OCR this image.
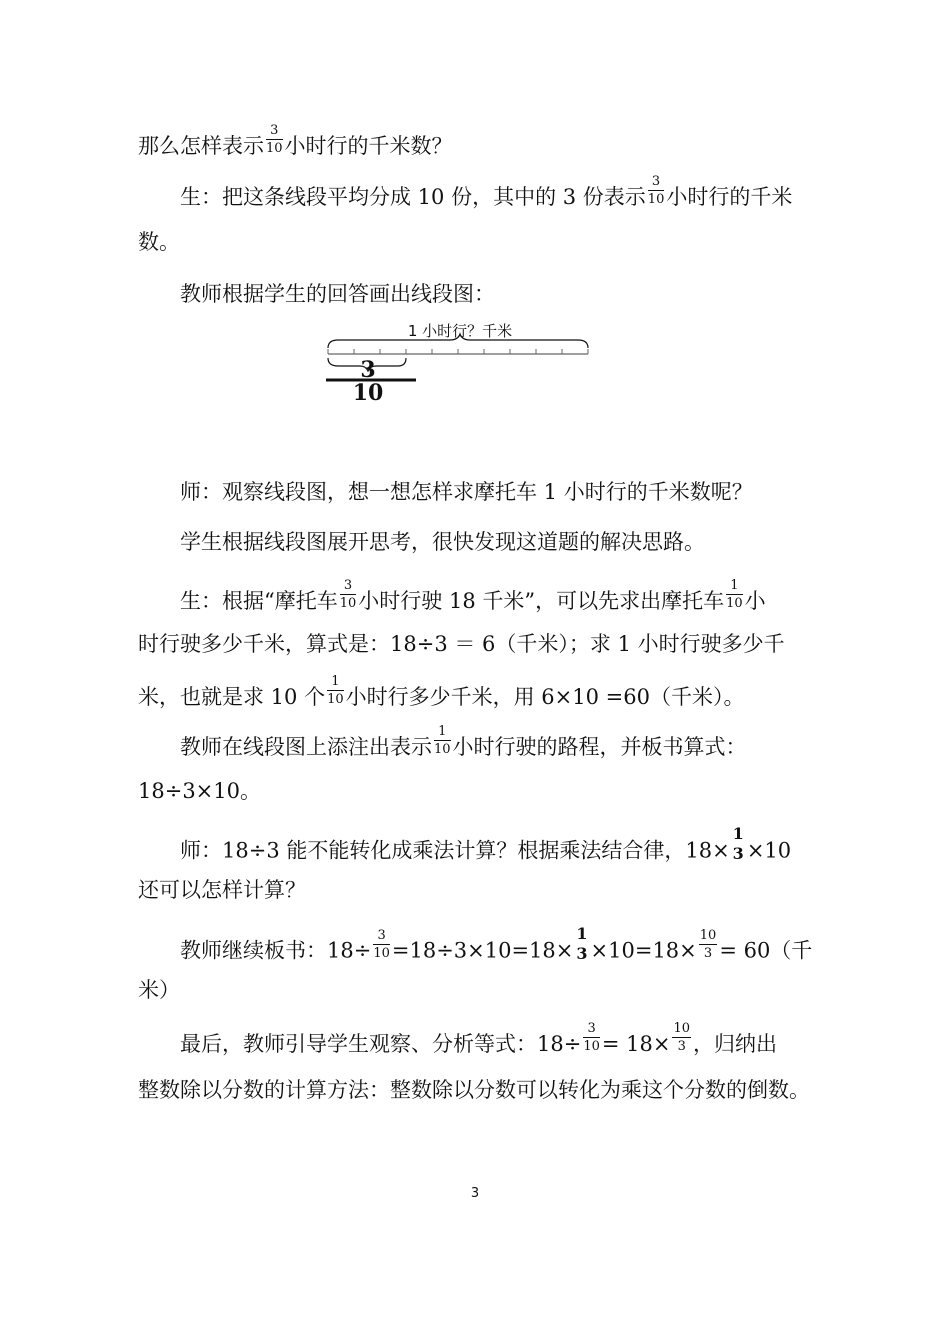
那么怎样表示 $\frac{3}{10}$ 小时行的千米数？
生：把这条线段平均分成 10 份，其中的 3 份表示 $\frac{3}{10}$ 小时行的千米
数。
教师根据学生的回答画出线段图：
1 小时行？千米
3
10
师：观察线段图，想一想怎样求摩托车 1 小时行的千米数呢？
学生根据线段图展开思考，很快发现这道题的解决思路。
生：根据“摩托车 $\frac{3}{10}$ 小时行驶 18 千米”，可以先求出摩托车 $\frac{1}{10}$ 小
时行驶多少千米，算式是：18÷3 ＝ 6（千米）；求 1 小时行驶多少千
米，也就是求 10 个 $\frac{1}{10}$ 小时行多少千米，用 6×10 =60（千米）。
教师在线段图上添注出表示 $\frac{1}{10}$ 小时行驶的路程，并板书算式：
18÷3×10。
师：18÷3 能不能转化成乘法计算？根据乘法结合律，18×
1
3 ×10
还可以怎样计算？
教师继续板书：$18\div \frac{3}{10} =18\div 3\times 10=18\times$
1
$3 \times 10=18\times \frac{10}{3} = 60$（千
米）
最后，教师引导学生观察、分析等式：$18\div \frac{3}{10} = 18\times \frac{10}{3}$ ，归纳出
整数除以分数的计算方法：整数除以分数可以转化为乘这个分数的倒数。
3
